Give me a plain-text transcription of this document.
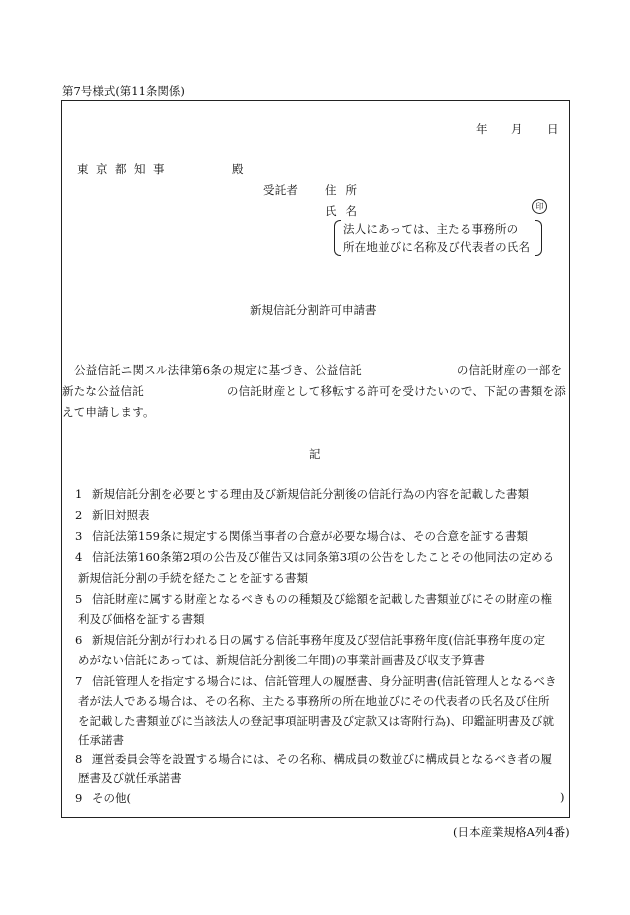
第7号様式(第11条関係)
年 月 日
東京都知事	殿
受託者 住所
氏名	印
法人にあっては、主たる事務所の
所在地並びに名称及び代表者の氏名
新規信託分割許可申請書
公益信託ニ関スル法律第6条の規定に基づき、公益信託	の信託財産の一部を
新たな公益信託	の信託財産として移転する許可を受けたいので、下記の書類を添
えて申請します。
記
1 新規信託分割を必要とする理由及び新規信託分割後の信託行為の内容を記載した書類
2 新旧対照表
3 信託法第159条に規定する関係当事者の合意が必要な場合は、その合意を証する書類
4 信託法第160条第2項の公告及び催告又は同条第3項の公告をしたことその他同法の定める
新規信託分割の手続を経たことを証する書類
5 信託財産に属する財産となるべきものの種類及び総額を記載した書類並びにその財産の権
利及び価格を証する書類
6 新規信託分割が行われる日の属する信託事務年度及び翌信託事務年度(信託事務年度の定
めがない信託にあっては、新規信託分割後二年間)の事業計画書及び収支予算書
7 信託管理人を指定する場合には、信託管理人の履歴書、身分証明書(信託管理人となるべき
者が法人である場合は、その名称、主たる事務所の所在地並びにその代表者の氏名及び住所
を記載した書類並びに当該法人の登記事項証明書及び定款又は寄附行為)、印鑑証明書及び就
任承諾書
8 運営委員会等を設置する場合には、その名称、構成員の数並びに構成員となるべき者の履
歴書及び就任承諾書
9 その他(	)
(日本産業規格A列4番)
